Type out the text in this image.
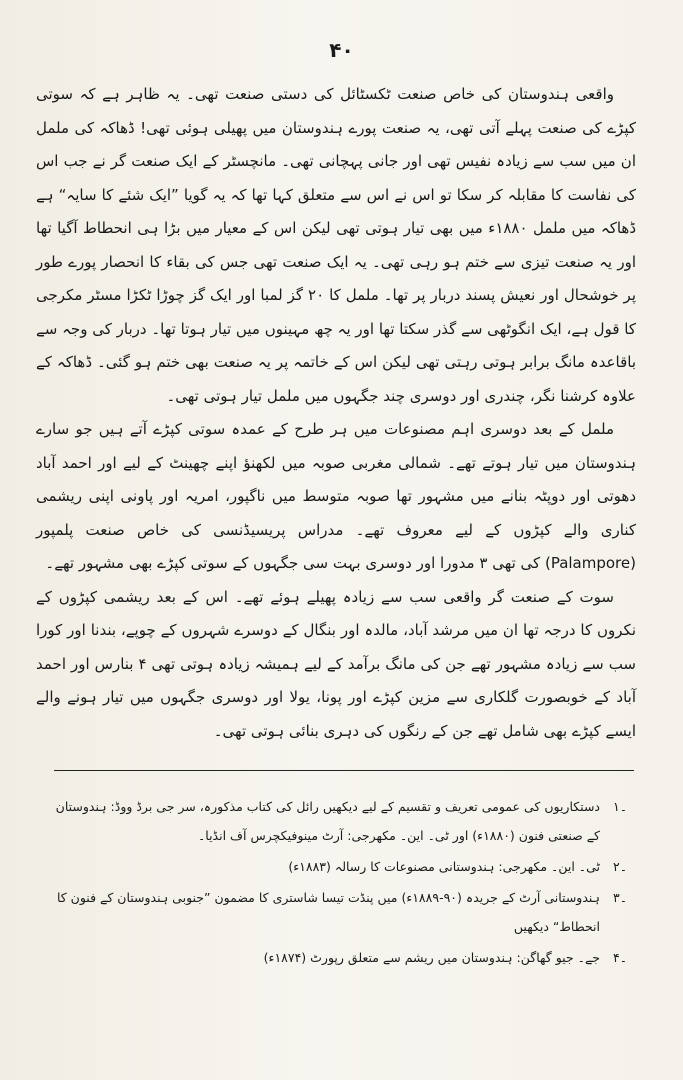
۴۰

واقعی ہندوستان کی خاص صنعت ٹکسٹائل کی دستی صنعت تھی۔ یہ ظاہر ہے کہ سوتی کپڑے کی صنعت پہلے آتی تھی، یہ صنعت پورے ہندوستان میں پھیلی ہوئی تھی! ڈھاکہ کی ململ ان میں سب سے زیادہ نفیس تھی اور جانی پہچانی تھی۔ مانچسٹر کے ایک صنعت گر نے جب اس کی نفاست کا مقابلہ کر سکا تو اس نے اس سے متعلق کہا تھا کہ یہ گویا ”ایک شئے کا سایہ“ ہے ڈھاکہ میں ململ ۱۸۸۰ء میں بھی تیار ہوتی تھی لیکن اس کے معیار میں بڑا ہی انحطاط آگیا تھا اور یہ صنعت تیزی سے ختم ہو رہی تھی۔ یہ ایک صنعت تھی جس کی بقاء کا انحصار پورے طور پر خوشحال اور نعیش پسند دربار پر تھا۔ ململ کا ۲۰ گز لمبا اور ایک گز چوڑا ٹکڑا مسٹر مکرجی کا قول ہے، ایک انگوٹھی سے گذر سکتا تھا اور یہ چھ مہینوں میں تیار ہوتا تھا۔ دربار کی وجہ سے باقاعدہ مانگ برابر ہوتی رہتی تھی لیکن اس کے خاتمہ پر یہ صنعت بھی ختم ہو گئی۔ ڈھاکہ کے علاوہ کرشنا نگر، چندری اور دوسری چند جگہوں میں ململ تیار ہوتی تھی۔

ململ کے بعد دوسری اہم مصنوعات میں ہر طرح کے عمدہ سوتی کپڑے آتے ہیں جو سارے ہندوستان میں تیار ہوتے تھے۔ شمالی مغربی صوبہ میں لکھنؤ اپنے چھینٹ کے لیے اور احمد آباد دھوتی اور دوپٹہ بنانے میں مشہور تھا صوبہ متوسط میں ناگپور، امریہ اور پاونی اپنی ریشمی کناری والے کپڑوں کے لیے معروف تھے۔ مدراس پریسیڈنسی کی خاص صنعت پلمپور (Palampore) کی تھی ۳ مدورا اور دوسری بہت سی جگہوں کے سوتی کپڑے بھی مشہور تھے۔

سوت کے صنعت گر واقعی سب سے زیادہ پھیلے ہوئے تھے۔ اس کے بعد ریشمی کپڑوں کے نکروں کا درجہ تھا ان میں مرشد آباد، مالدہ اور بنگال کے دوسرے شہروں کے چوپے، بندنا اور کورا سب سے زیادہ مشہور تھے جن کی مانگ برآمد کے لیے ہمیشہ زیادہ ہوتی تھی ۴ بنارس اور احمد آباد کے خوبصورت گلکاری سے مزین کپڑے اور پونا، یولا اور دوسری جگہوں میں تیار ہونے والے ایسے کپڑے بھی شامل تھے جن کے رنگوں کی دہری بنائی ہوتی تھی۔

۔۱
دستکاریوں کی عمومی تعریف و تقسیم کے لیے دیکھیں رائل کی کتاب مذکورہ، سر جی برڈ ووڈ: ہندوستان کے صنعتی فنون (۱۸۸۰ء) اور ٹی۔ این۔ مکھرجی: آرٹ مینوفیکچرس آف انڈیا۔
۔۲
ٹی۔ این۔ مکھرجی: ہندوستانی مصنوعات کا رسالہ (۱۸۸۳ء)
۔۳
ہندوستانی آرٹ کے جریدہ (۹۰-۱۸۸۹ء) میں پنڈت تیسا شاستری کا مضمون ”جنوبی ہندوستان کے فنون کا انحطاط“ دیکھیں
۔۴
جے۔ جیو گھاگن: ہندوستان میں ریشم سے متعلق رپورٹ (۱۸۷۴ء)
